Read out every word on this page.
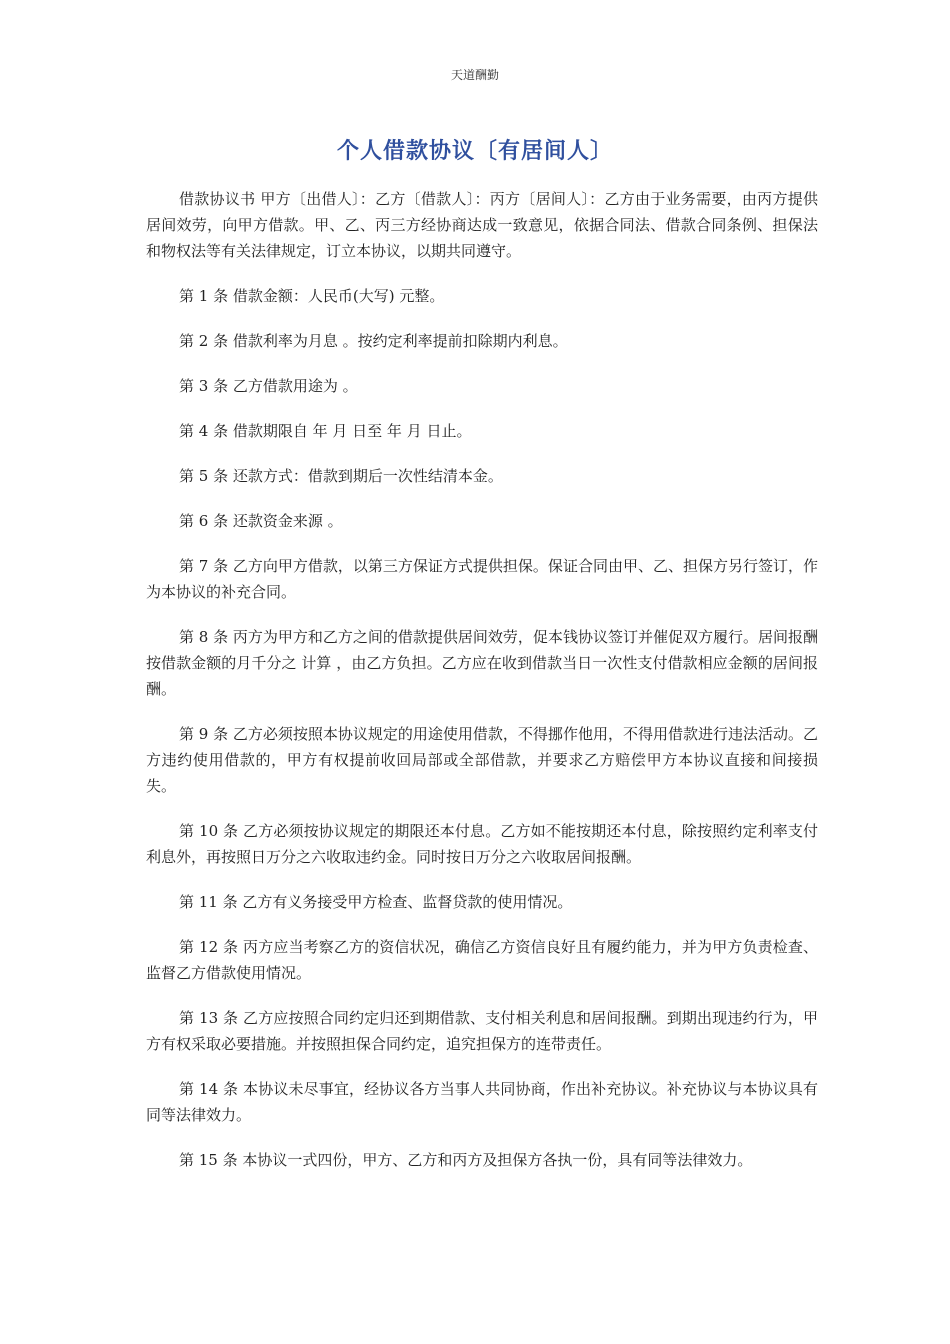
天道酬勤
个人借款协议〔有居间人〕

借款协议书 甲方〔出借人〕：乙方〔借款人〕：丙方〔居间人〕：乙方由于业务需要，由丙方提供居间效劳，向甲方借款。甲、乙、丙三方经协商达成一致意见，依据合同法、借款合同条例、担保法和物权法等有关法律规定，订立本协议，以期共同遵守。

第 1 条 借款金额：人民币(大写) 元整。

第 2 条 借款利率为月息 。按约定利率提前扣除期内利息。

第 3 条 乙方借款用途为 。

第 4 条 借款期限自 年 月 日至 年 月 日止。

第 5 条 还款方式：借款到期后一次性结清本金。

第 6 条 还款资金来源 。

第 7 条 乙方向甲方借款，以第三方保证方式提供担保。保证合同由甲、乙、担保方另行签订，作为本协议的补充合同。

第 8 条 丙方为甲方和乙方之间的借款提供居间效劳，促本钱协议签订并催促双方履行。居间报酬按借款金额的月千分之 计算 ，由乙方负担。乙方应在收到借款当日一次性支付借款相应金额的居间报酬。

第 9 条 乙方必须按照本协议规定的用途使用借款，不得挪作他用，不得用借款进行违法活动。乙方违约使用借款的，甲方有权提前收回局部或全部借款，并要求乙方赔偿甲方本协议直接和间接损失。

第 10 条 乙方必须按协议规定的期限还本付息。乙方如不能按期还本付息，除按照约定利率支付利息外，再按照日万分之六收取违约金。同时按日万分之六收取居间报酬。

第 11 条 乙方有义务接受甲方检查、监督贷款的使用情况。

第 12 条 丙方应当考察乙方的资信状况，确信乙方资信良好且有履约能力，并为甲方负责检查、监督乙方借款使用情况。

第 13 条 乙方应按照合同约定归还到期借款、支付相关利息和居间报酬。到期出现违约行为，甲方有权采取必要措施。并按照担保合同约定，追究担保方的连带责任。

第 14 条 本协议未尽事宜，经协议各方当事人共同协商，作出补充协议。补充协议与本协议具有同等法律效力。

第 15 条 本协议一式四份，甲方、乙方和丙方及担保方各执一份，具有同等法律效力。
